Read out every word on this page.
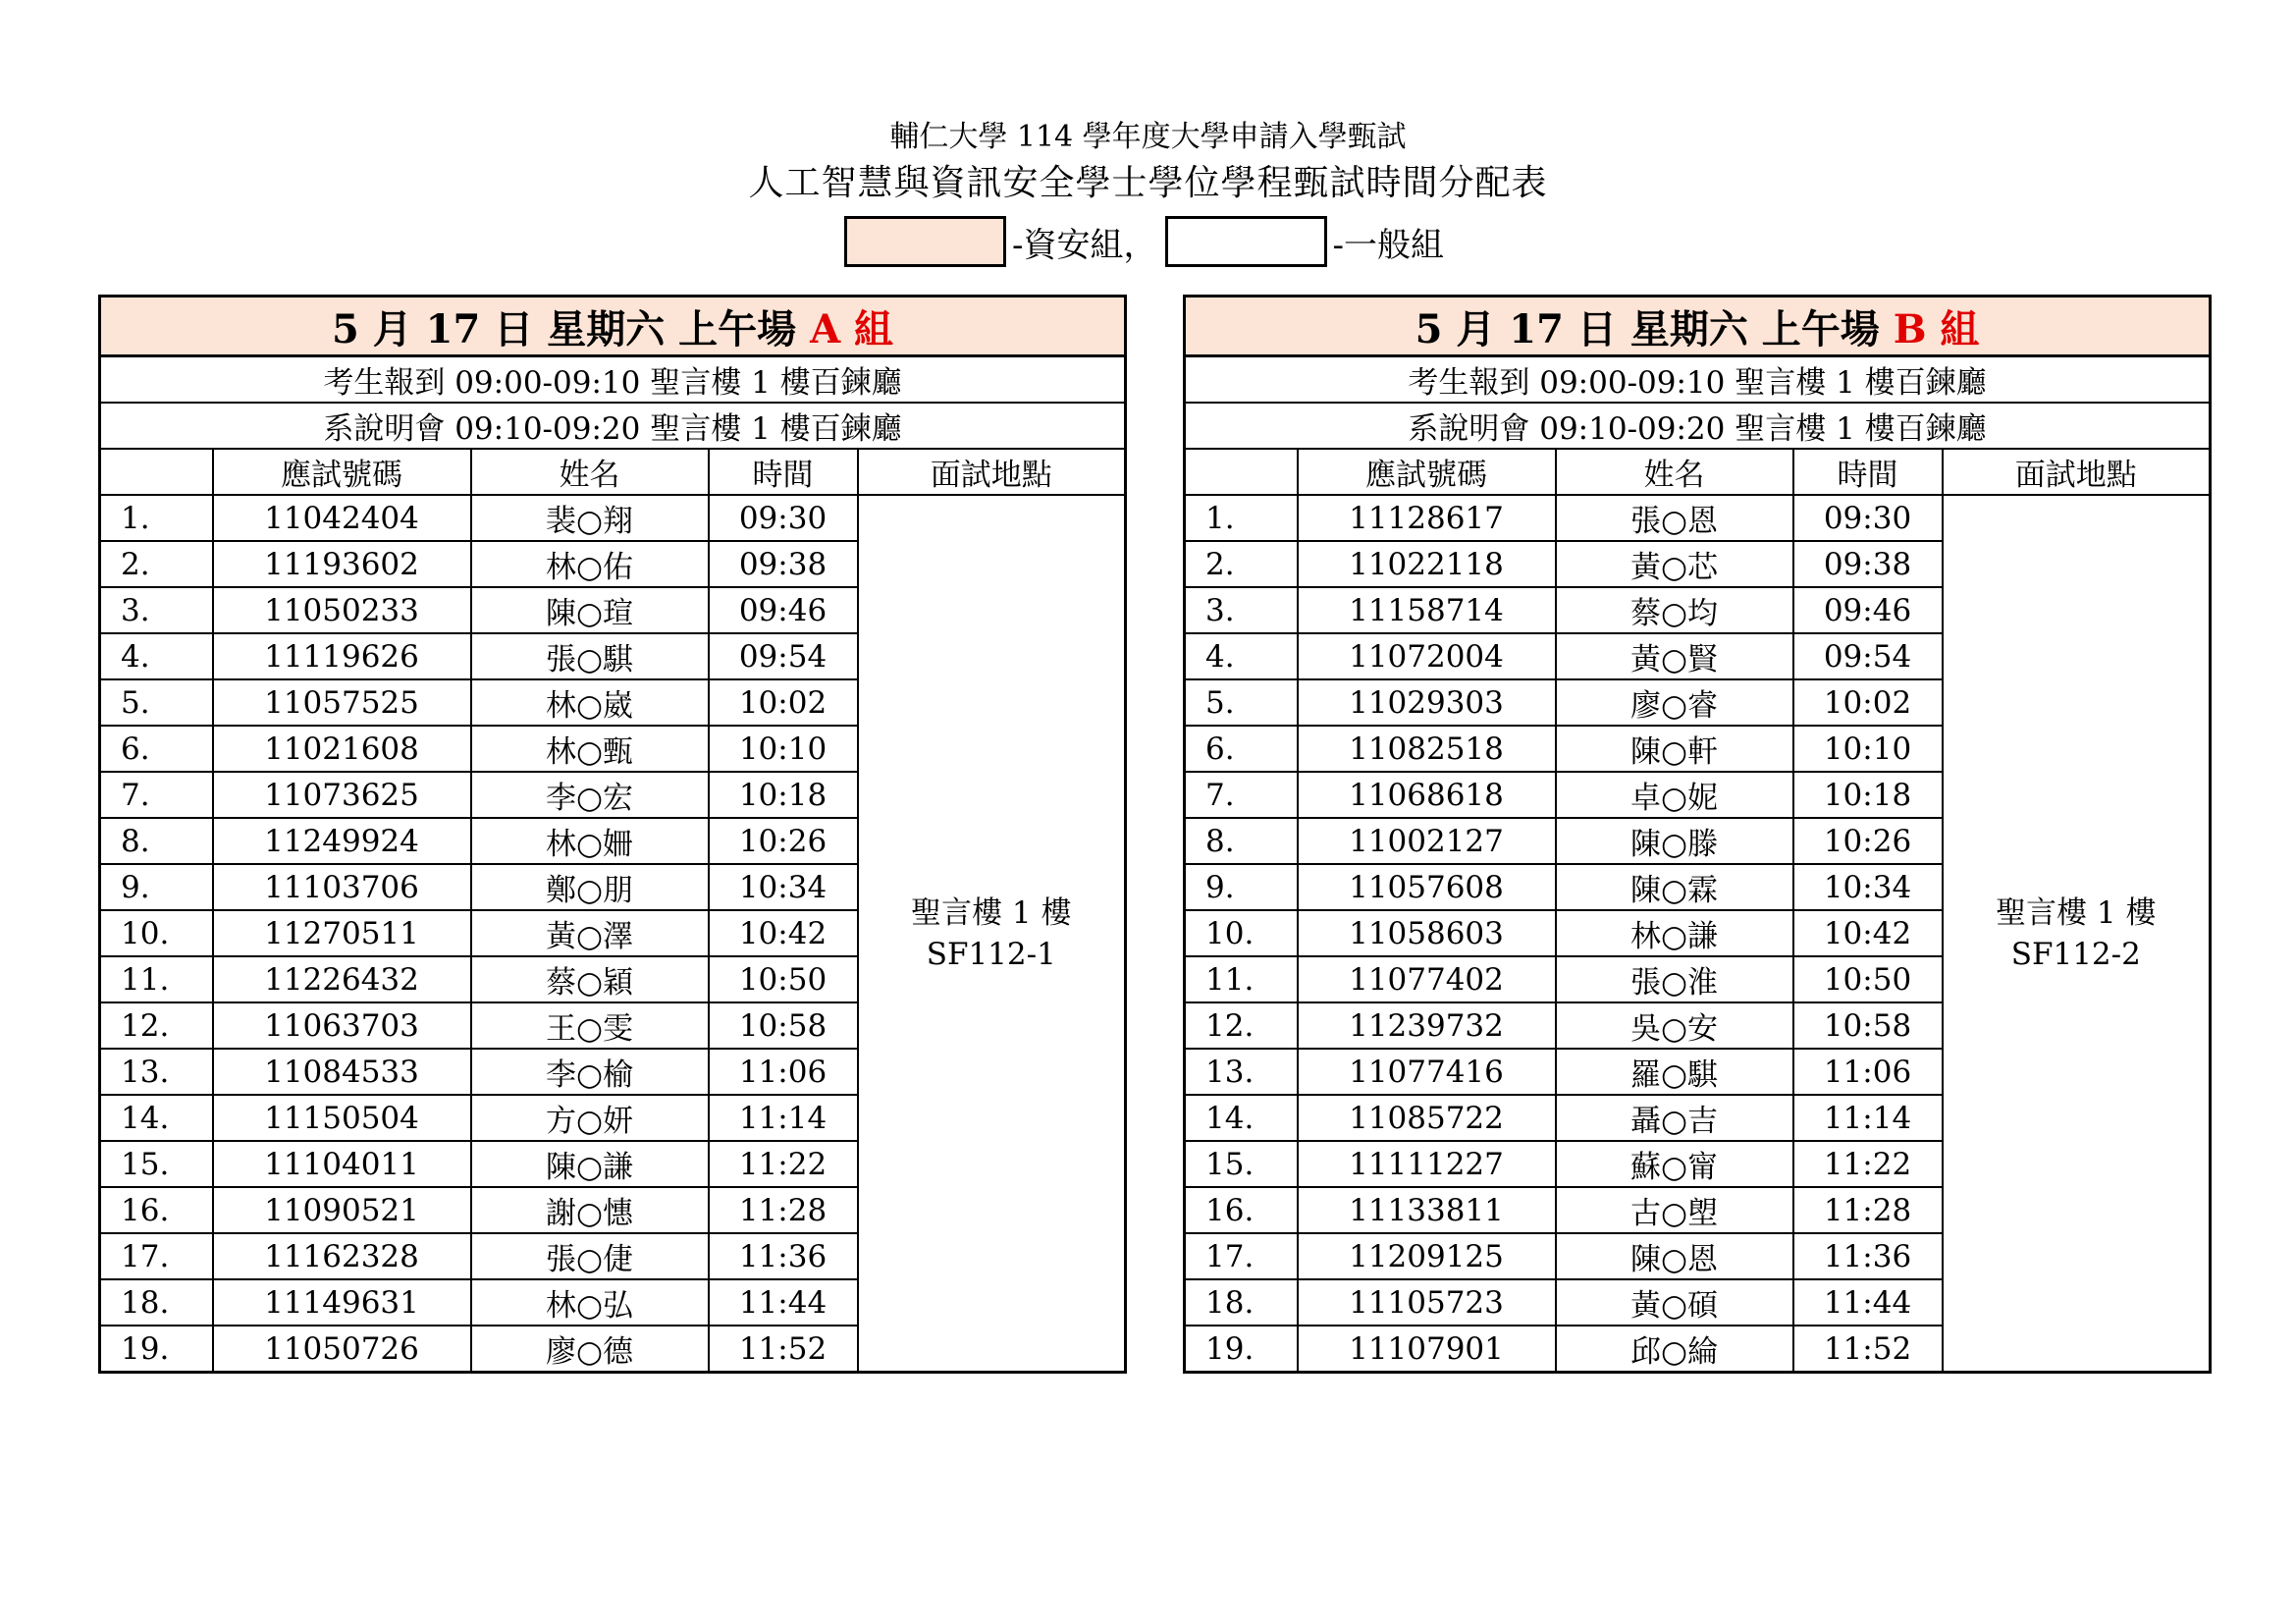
輔仁大學 114 學年度大學申請入學甄試
人工智慧與資訊安全學士學位學程甄試時間分配表
-資安組，	-一般組
5 月 17 日 星期六 上午場 A 組				
考生報到 09:00-09:10 聖言樓 1 樓百鍊廳				
系說明會 09:10-09:20 聖言樓 1 樓百鍊廳				
	應試號碼	姓名	時間	面試地點
1.	11042404	裴○翔	09:30	聖言樓 1 樓
SF112-1

2.	11193602	林○佑	09:38	
3.	11050233	陳○瑄	09:46	
4.	11119626	張○騏	09:54	
5.	11057525	林○崴	10:02	
6.	11021608	林○甄	10:10	
7.	11073625	李○宏	10:18	
8.	11249924	林○姍	10:26	
9.	11103706	鄭○朋	10:34	
10.	11270511	黃○澤	10:42	
11.	11226432	蔡○穎	10:50	
12.	11063703	王○雯	10:58	
13.	11084533	李○榆	11:06	
14.	11150504	方○妍	11:14	
15.	11104011	陳○謙	11:22	
16.	11090521	謝○憓	11:28	
17.	11162328	張○倢	11:36	
18.	11149631	林○弘	11:44	
19.	11050726	廖○德	11:52	
5 月 17 日 星期六 上午場 B 組				
考生報到 09:00-09:10 聖言樓 1 樓百鍊廳				
系說明會 09:10-09:20 聖言樓 1 樓百鍊廳				
	應試號碼	姓名	時間	面試地點
1.	11128617	張○恩	09:30	聖言樓 1 樓
SF112-2

2.	11022118	黃○芯	09:38	
3.	11158714	蔡○均	09:46	
4.	11072004	黃○賢	09:54	
5.	11029303	廖○睿	10:02	
6.	11082518	陳○軒	10:10	
7.	11068618	卓○妮	10:18	
8.	11002127	陳○滕	10:26	
9.	11057608	陳○霖	10:34	
10.	11058603	林○謙	10:42	
11.	11077402	張○淮	10:50	
12.	11239732	吳○安	10:58	
13.	11077416	羅○騏	11:06	
14.	11085722	聶○吉	11:14	
15.	11111227	蘇○甯	11:22	
16.	11133811	古○塱	11:28	
17.	11209125	陳○恩	11:36	
18.	11105723	黃○碩	11:44	
19.	11107901	邱○綸	11:52	
